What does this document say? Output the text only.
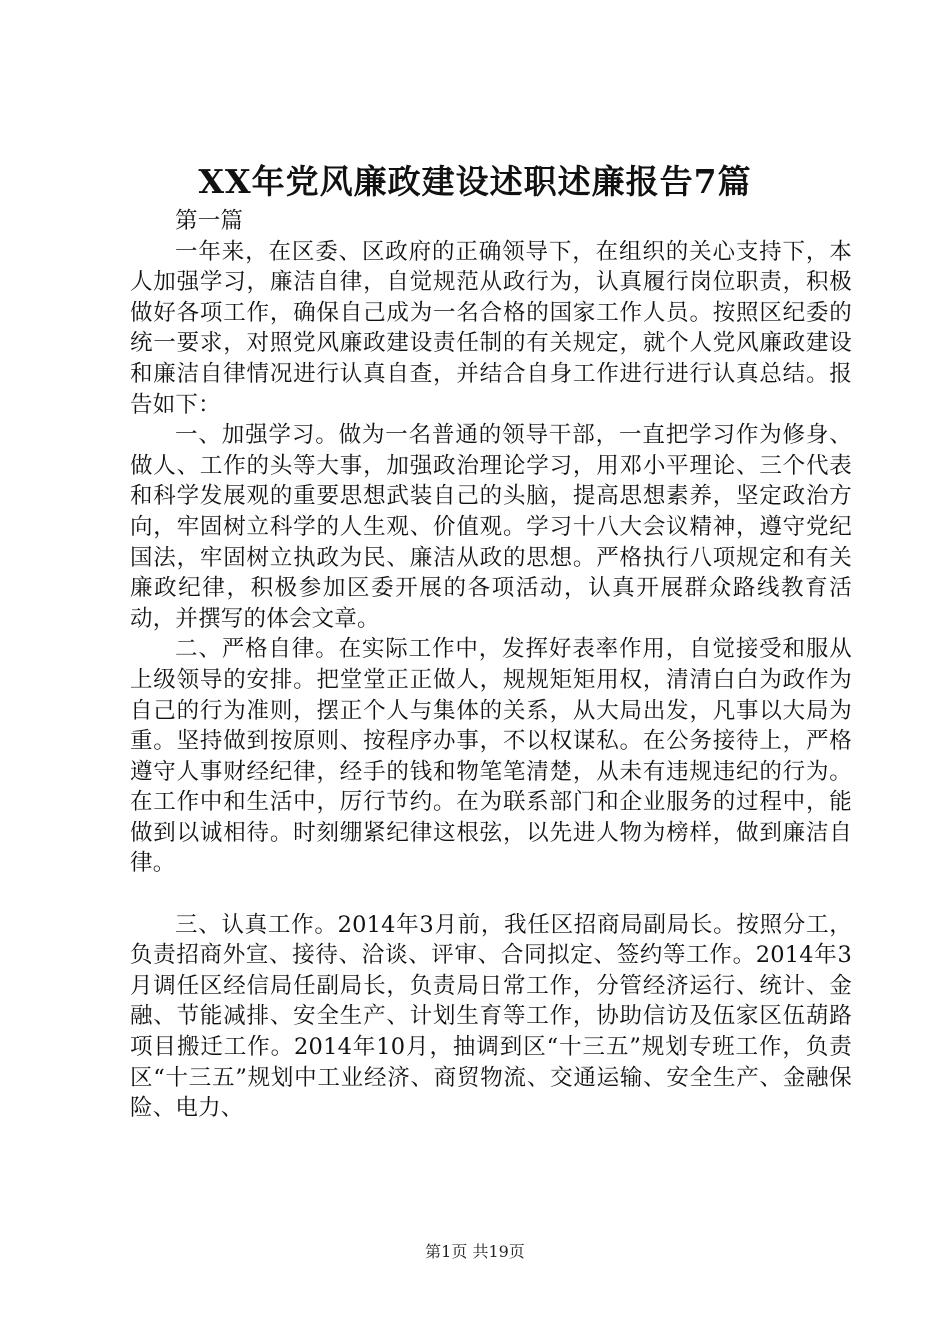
XX年党风廉政建设述职述廉报告7篇

第一篇

一年来，在区委、区政府的正确领导下，在组织的关心支持下，本人加强学习，廉洁自律，自觉规范从政行为，认真履行岗位职责，积极做好各项工作，确保自己成为一名合格的国家工作人员。按照区纪委的统一要求，对照党风廉政建设责任制的有关规定，就个人党风廉政建设和廉洁自律情况进行认真自查，并结合自身工作进行进行认真总结。报告如下：

一、加强学习。做为一名普通的领导干部，一直把学习作为修身、做人、工作的头等大事，加强政治理论学习，用邓小平理论、三个代表和科学发展观的重要思想武装自己的头脑，提高思想素养，坚定政治方向，牢固树立科学的人生观、价值观。学习十八大会议精神，遵守党纪国法，牢固树立执政为民、廉洁从政的思想。严格执行八项规定和有关廉政纪律，积极参加区委开展的各项活动，认真开展群众路线教育活动，并撰写的体会文章。

二、严格自律。在实际工作中，发挥好表率作用，自觉接受和服从上级领导的安排。把堂堂正正做人，规规矩矩用权，清清白白为政作为自己的行为准则，摆正个人与集体的关系，从大局出发，凡事以大局为重。坚持做到按原则、按程序办事，不以权谋私。在公务接待上，严格遵守人事财经纪律，经手的钱和物笔笔清楚，从未有违规违纪的行为。在工作中和生活中，厉行节约。在为联系部门和企业服务的过程中，能做到以诚相待。时刻绷紧纪律这根弦，以先进人物为榜样，做到廉洁自律。

三、认真工作。2014年3月前，我任区招商局副局长。按照分工，负责招商外宣、接待、洽谈、评审、合同拟定、签约等工作。2014年3月调任区经信局任副局长，负责局日常工作，分管经济运行、统计、金融、节能减排、安全生产、计划生育等工作，协助信访及伍家区伍葫路项目搬迁工作。2014年10月，抽调到区“十三五”规划专班工作，负责区“十三五”规划中工业经济、商贸物流、交通运输、安全生产、金融保险、电力、

第1页 共19页
